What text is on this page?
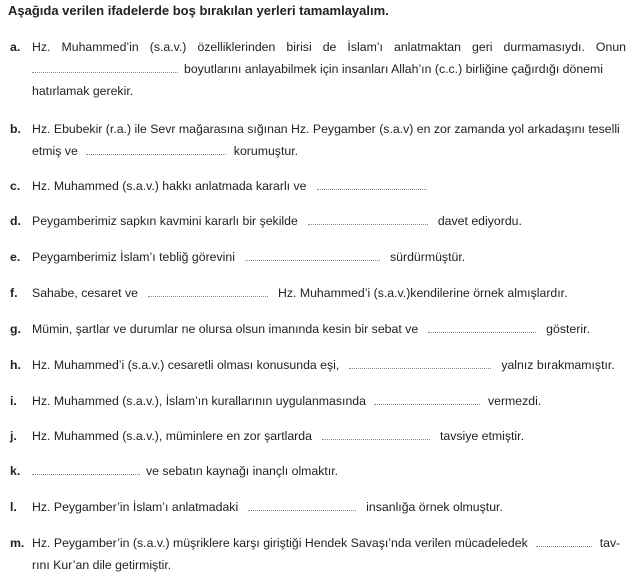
Aşağıda verilen ifadelerde boş bırakılan yerleri tamamlayalım.
a. Hz. Muhammed’in (s.a.v.) özelliklerinden birisi de İslam’ı anlatmaktan geri durmamasıydı. Onun
boyutlarını anlayabilmek için insanları Allah’ın (c.c.) birliğine çağırdığı dönemi
hatırlamak gerekir.
b. Hz. Ebubekir (r.a.) ile Sevr mağarasına sığınan Hz. Peygamber (s.a.v) en zor zamanda yol arkadaşını teselli
etmiş ve	korumuştur.
c. Hz. Muhammed (s.a.v.) hakkı anlatmada kararlı ve
d. Peygamberimiz sapkın kavmini kararlı bir şekilde	davet ediyordu.
e. Peygamberimiz İslam’ı tebliğ görevini	sürdürmüştür.
f. Sahabe, cesaret ve	Hz. Muhammed’i (s.a.v.)kendilerine örnek almışlardır.
g. Mümin, şartlar ve durumlar ne olursa olsun imanında kesin bir sebat ve	gösterir.
h. Hz. Muhammed’i (s.a.v.) cesaretli olması konusunda eşi,	yalnız bırakmamıştır.
i. Hz. Muhammed (s.a.v.), İslam’ın kurallarının uygulanmasında	vermezdi.
j. Hz. Muhammed (s.a.v.), müminlere en zor şartlarda	tavsiye etmiştir.
k.	ve sebatın kaynağı inançlı olmaktır.
l. Hz. Peygamber’in İslam’ı anlatmadaki	insanlığa örnek olmuştur.
m. Hz. Peygamber’in (s.a.v.) müşriklere karşı giriştiği Hendek Savaşı’nda verilen mücadeledek	tav-
rını Kur’an dile getirmiştir.
